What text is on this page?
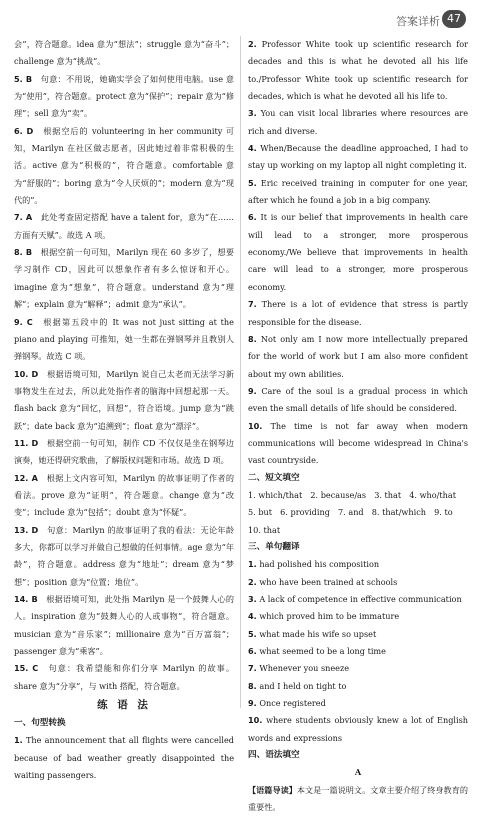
答案详析 47

会”，符合题意。idea 意为“想法”；struggle 意为“奋斗”；challenge 意为“挑战”。

5. B　 句意：不用说，她确实学会了如何使用电脑。use 意为“使用”，符合题意。protect 意为“保护”；repair 意为“修理”；sell 意为“卖”。

6. D　 根据空后的 volunteering in her community 可知，Marilyn 在社区做志愿者，因此她过着非常积极的生活。active 意为“积极的”，符合题意。comfortable 意为“舒服的”；boring 意为“令人厌烦的”；modern 意为“现代的”。

7. A　 此处考查固定搭配 have a talent for，意为“在……方面有天赋”。故选 A 项。

8. B　 根据空前一句可知，Marilyn 现在 60 多岁了，想要学习制作 CD，因此可以想象作者有多么惊讶和开心。imagine 意为“想象”，符合题意。understand 意为“理解”；explain 意为“解释”；admit 意为“承认”。

9. C　 根据第五段中的 It was not just sitting at the piano and playing 可推知，她一生都在弹钢琴并且教别人弹钢琴。故选 C 项。

10. D　 根据语境可知，Marilyn 说自己太老而无法学习新事物发生在过去，所以此处指作者的脑海中回想起那一天。flash back 意为“回忆，回想”，符合语境。jump 意为“跳跃”；date back 意为“追溯到”；float 意为“漂浮”。

11. D　 根据空前一句可知，制作 CD 不仅仅是坐在钢琴边演奏，她还得研究歌曲，了解版权问题和市场。故选 D 项。

12. A　 根据上文内容可知，Marilyn 的故事证明了作者的看法。prove 意为“证明”，符合题意。change 意为“改变”；include 意为“包括”；doubt 意为“怀疑”。

13. D　 句意：Marilyn 的故事证明了我的看法：无论年龄多大，你都可以学习并做自己想做的任何事情。age 意为“年龄”，符合题意。address 意为“地址”；dream 意为“梦想”；position 意为“位置；地位”。

14. B　 根据语境可知，此处指 Marilyn 是一个鼓舞人心的人。inspiration 意为“鼓舞人心的人或事物”，符合题意。musician 意为“音乐家”；millionaire 意为“百万富翁”；passenger 意为“乘客”。

15. C　 句意：我希望能和你们分享 Marilyn 的故事。share 意为“分享”，与 with 搭配，符合题意。

练 语 法

一、句型转换

1. The announcement that all flights were cancelled because of bad weather greatly disappointed the waiting passengers.

2. Professor White took up scientific research for decades and this is what he devoted all his life to./Professor White took up scientific research for decades, which is what he devoted all his life to.

3. You can visit local libraries where resources are rich and diverse.

4. When/Because the deadline approached, I had to stay up working on my laptop all night completing it.

5. Eric received training in computer for one year, after which he found a job in a big company.

6. It is our belief that improvements in health care will lead to a stronger, more prosperous economy./We believe that improvements in health care will lead to a stronger, more prosperous economy.

7. There is a lot of evidence that stress is partly responsible for the disease.

8. Not only am I now more intellectually prepared for the world of work but I am also more confident about my own abilities.

9. Care of the soul is a gradual process in which even the small details of life should be considered.

10. The time is not far away when modern communications will become widespread in China's vast countryside.

二、短文填空

1. which/that　2. because/as　3. that　4. who/that

5. but　6. providing　7. and　8. that/which　9. to

10. that

三、单句翻译

1. had polished his composition

2. who have been trained at schools

3. A lack of competence in effective communication

4. which proved him to be immature

5. what made his wife so upset

6. what seemed to be a long time

7. Whenever you sneeze

8. and I held on tight to

9. Once registered

10. where students obviously knew a lot of English words and expressions

四、语法填空

A

【语篇导读】本文是一篇说明文。文章主要介绍了终身教育的重要性。
